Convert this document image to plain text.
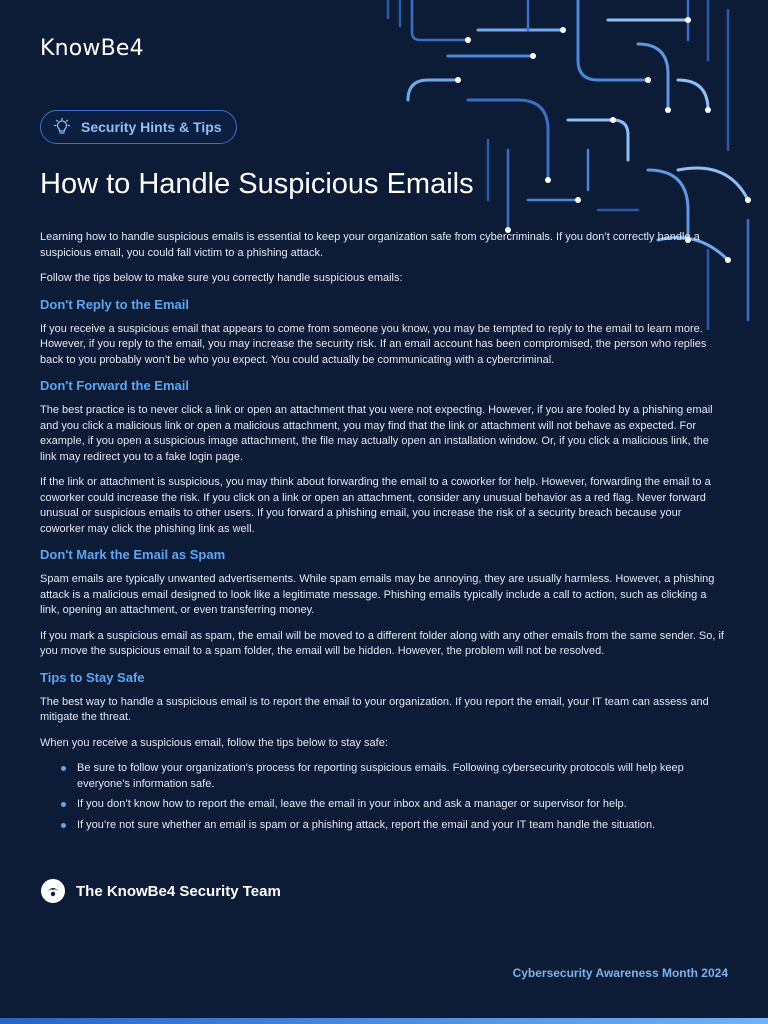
KnowBe4
Security Hints & Tips
How to Handle Suspicious Emails

Learning how to handle suspicious emails is essential to keep your organization safe from cybercriminals. If you don’t correctly handle a suspicious email, you could fall victim to a phishing attack.

Follow the tips below to make sure you correctly handle suspicious emails:

Don't Reply to the Email

If you receive a suspicious email that appears to come from someone you know, you may be tempted to reply to the email to learn more. However, if you reply to the email, you may increase the security risk. If an email account has been compromised, the person who replies back to you probably won’t be who you expect. You could actually be communicating with a cybercriminal.

Don't Forward the Email

The best practice is to never click a link or open an attachment that you were not expecting. However, if you are fooled by a phishing email and you click a malicious link or open a malicious attachment, you may find that the link or attachment will not behave as expected. For example, if you open a suspicious image attachment, the file may actually open an installation window. Or, if you click a malicious link, the link may redirect you to a fake login page.

If the link or attachment is suspicious, you may think about forwarding the email to a coworker for help. However, forwarding the email to a coworker could increase the risk. If you click on a link or open an attachment, consider any unusual behavior as a red flag. Never forward unusual or suspicious emails to other users. If you forward a phishing email, you increase the risk of a security breach because your coworker may click the phishing link as well.

Don't Mark the Email as Spam

Spam emails are typically unwanted advertisements. While spam emails may be annoying, they are usually harmless. However, a phishing attack is a malicious email designed to look like a legitimate message. Phishing emails typically include a call to action, such as clicking a link, opening an attachment, or even transferring money.

If you mark a suspicious email as spam, the email will be moved to a different folder along with any other emails from the same sender. So, if you move the suspicious email to a spam folder, the email will be hidden. However, the problem will not be resolved.

Tips to Stay Safe

The best way to handle a suspicious email is to report the email to your organization. If you report the email, your IT team can assess and mitigate the threat.

When you receive a suspicious email, follow the tips below to stay safe:

Be sure to follow your organization's process for reporting suspicious emails. Following cybersecurity protocols will help keep everyone’s information safe.
If you don’t know how to report the email, leave the email in your inbox and ask a manager or supervisor for help.
If you’re not sure whether an email is spam or a phishing attack, report the email and your IT team handle the situation.
The KnowBe4 Security Team
Cybersecurity Awareness Month 2024
